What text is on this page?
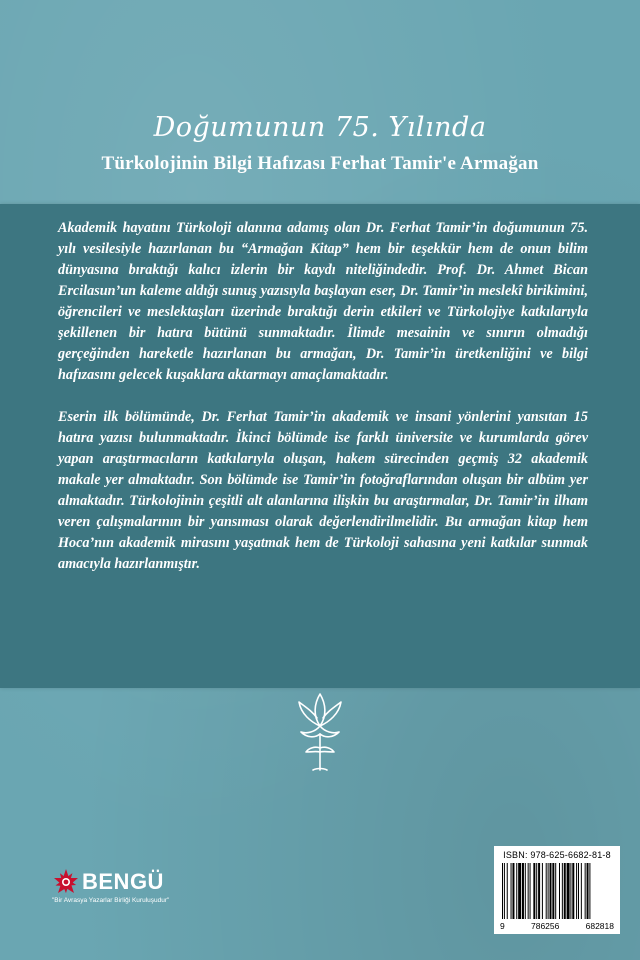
Doğumunun 75. Yılında
Türkolojinin Bilgi Hafızası Ferhat Tamir'e Armağan

Akademik hayatını Türkoloji alanına adamış olan Dr. Ferhat Tamir’in doğumunun 75. yılı vesilesiyle hazırlanan bu “Armağan Kitap” hem bir teşekkür hem de onun bilim dünyasına bıraktığı kalıcı izlerin bir kaydı niteliğindedir. Prof. Dr. Ahmet Bican Ercilasun’un kaleme aldığı sunuş yazısıyla başlayan eser, Dr. Tamir’in meslekî birikimini, öğrencileri ve meslektaşları üzerinde bıraktığı derin etkileri ve Türkolojiye katkılarıyla şekillenen bir hatıra bütünü sunmaktadır. İlimde mesainin ve sınırın olmadığı gerçeğinden hareketle hazırlanan bu armağan, Dr. Tamir’in üretkenliğini ve bilgi hafızasını gelecek kuşaklara aktarmayı amaçlamaktadır.

Eserin ilk bölümünde, Dr. Ferhat Tamir’in akademik ve insani yönlerini yansıtan 15 hatıra yazısı bulunmaktadır. İkinci bölümde ise farklı üniversite ve kurumlarda görev yapan araştırmacıların katkılarıyla oluşan, hakem sürecinden geçmiş 32 akademik makale yer almaktadır. Son bölümde ise Tamir’in fotoğraflarından oluşan bir albüm yer almaktadır. Türkolojinin çeşitli alt alanlarına ilişkin bu araştırmalar, Dr. Tamir’in ilham veren çalışmalarının bir yansıması olarak değerlendirilmelidir. Bu armağan kitap hem Hoca’nın akademik mirasını yaşatmak hem de Türkoloji sahasına yeni katkılar sunmak amacıyla hazırlanmıştır.

BENGÜ
"Bir Avrasya Yazarlar Birliği Kuruluşudur"
ISBN: 978-625-6682-81-8
9	786256	682818
